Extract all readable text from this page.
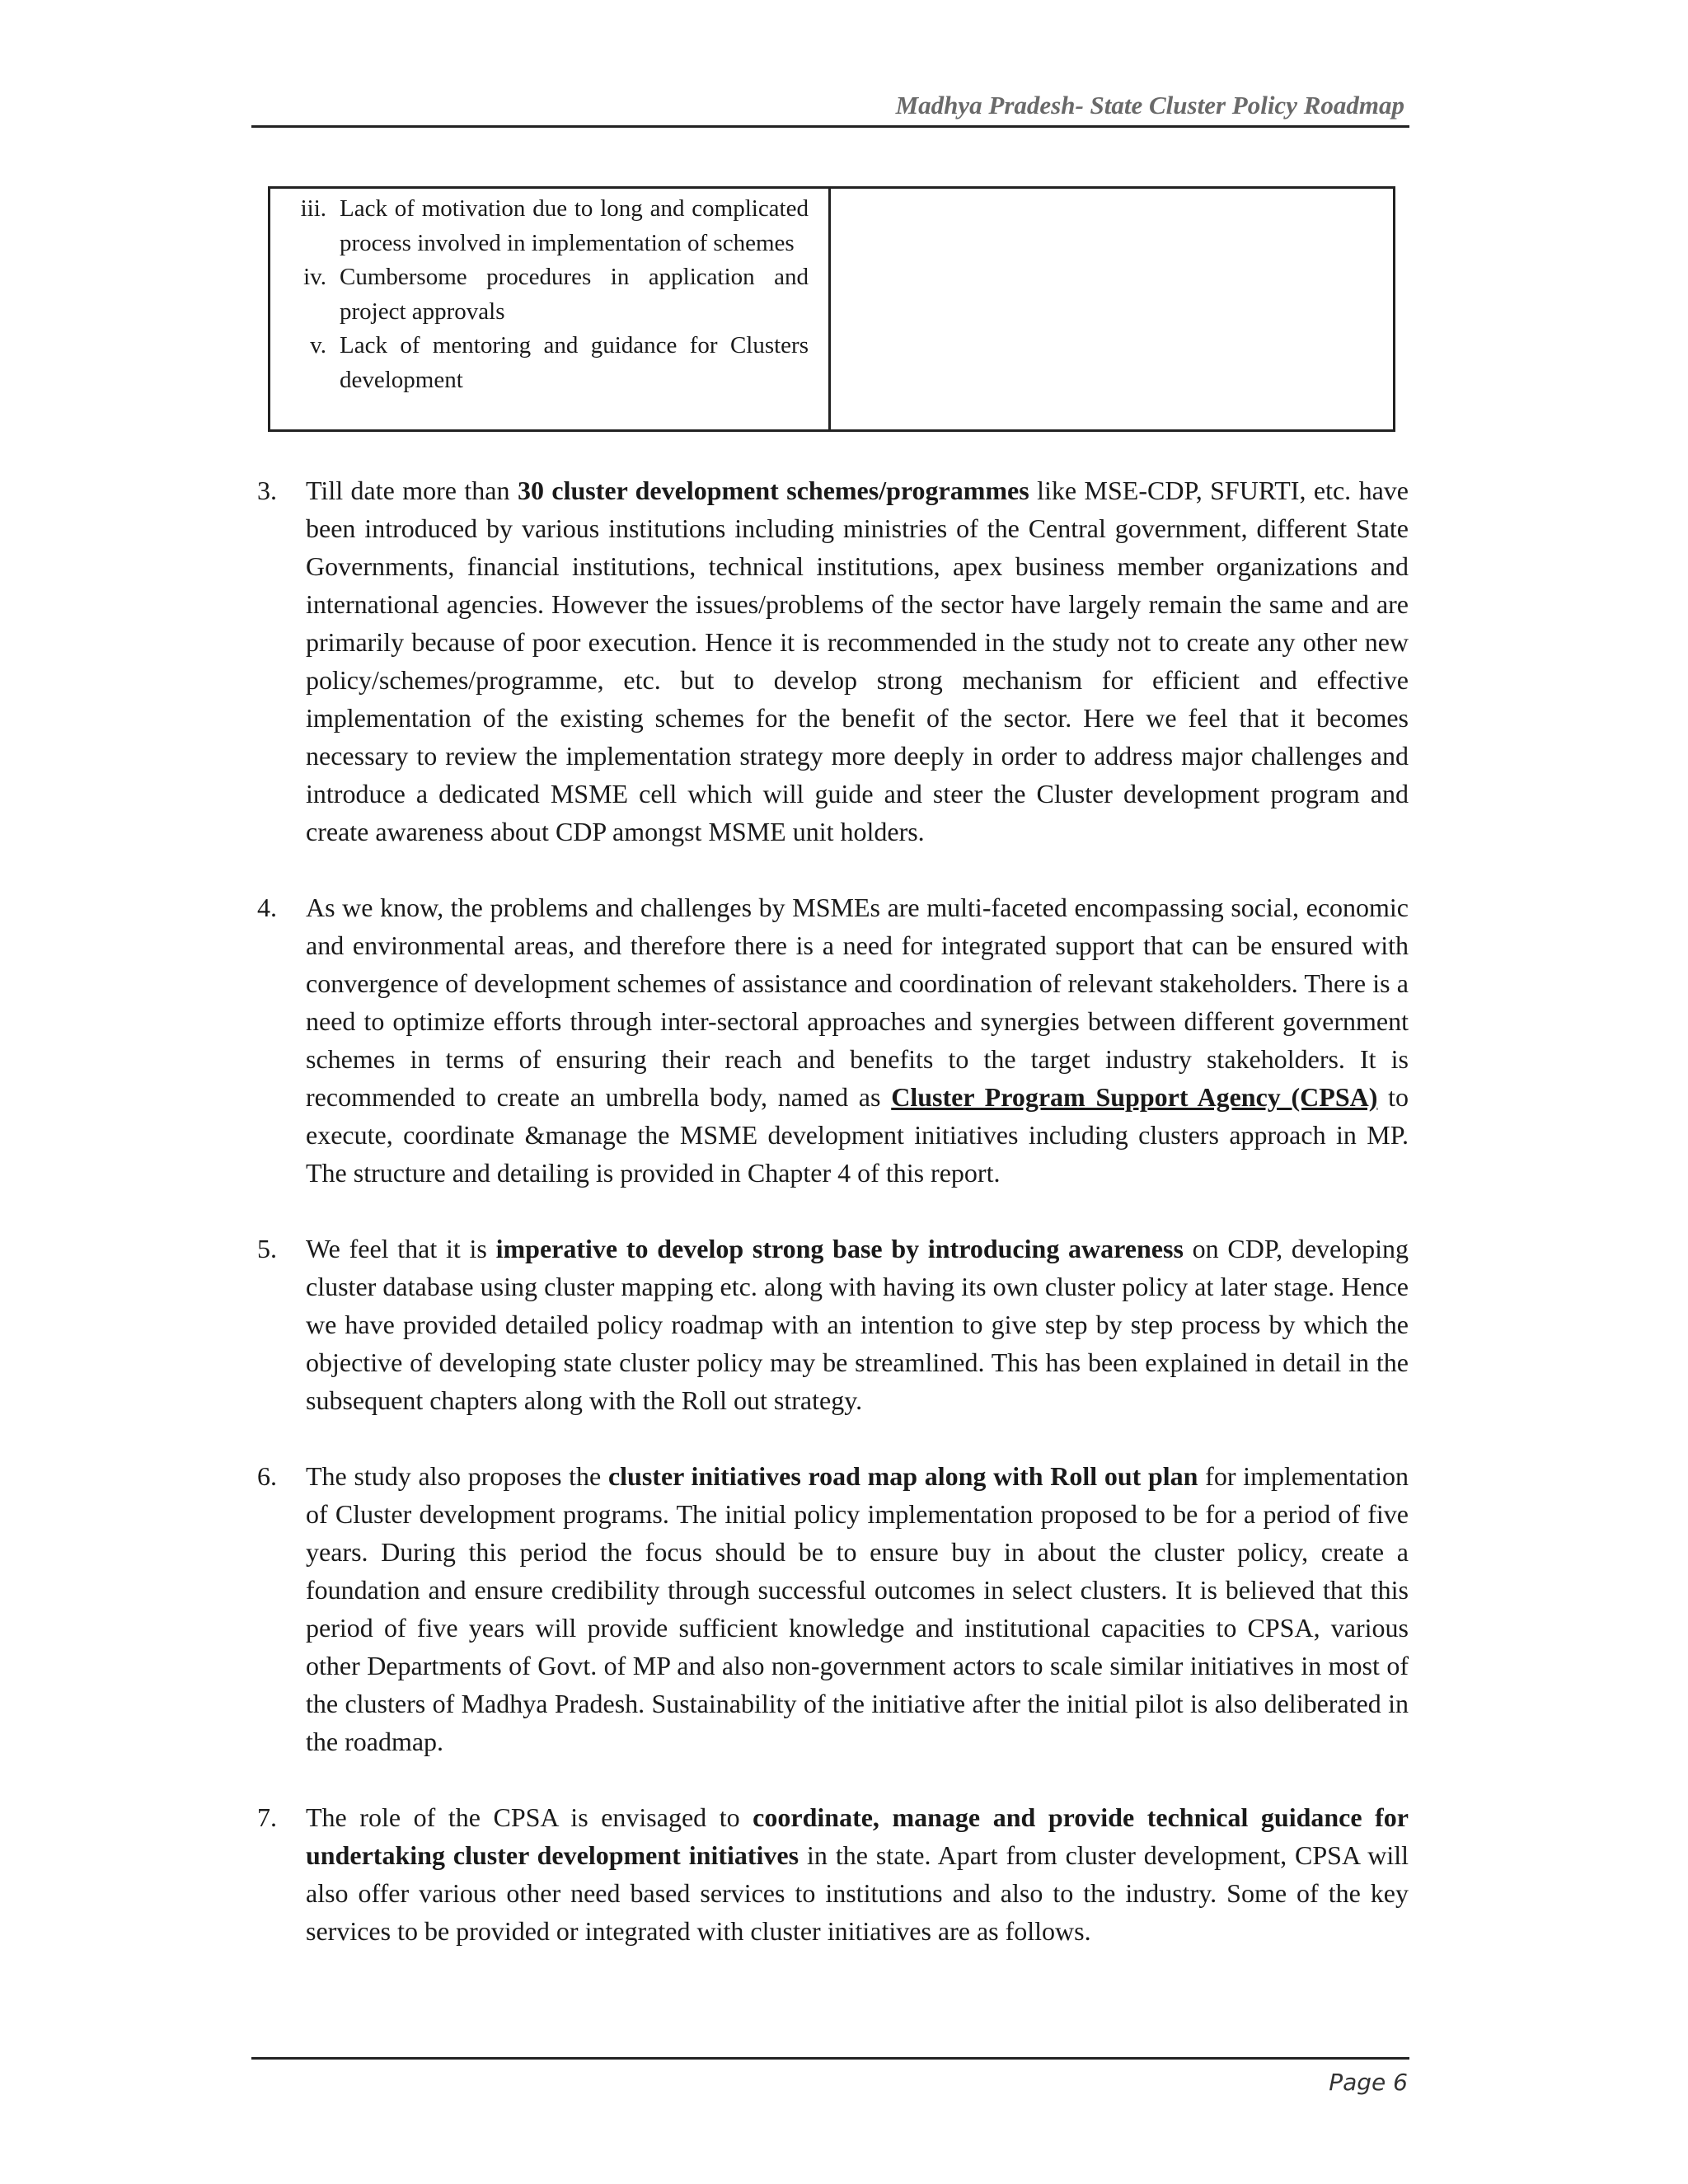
Madhya Pradesh- State Cluster Policy Roadmap
iii. Lack of motivation due to long and complicated process involved in implementation of schemes
iv. Cumbersome procedures in application and project approvals
v. Lack of mentoring and guidance for Clusters development
3. Till date more than 30 cluster development schemes/programmes like MSE-CDP, SFURTI, etc. have been introduced by various institutions including ministries of the Central government, different State Governments, financial institutions, technical institutions, apex business member organizations and international agencies. However the issues/problems of the sector have largely remain the same and are primarily because of poor execution. Hence it is recommended in the study not to create any other new policy/schemes/programme, etc. but to develop strong mechanism for efficient and effective implementation of the existing schemes for the benefit of the sector. Here we feel that it becomes necessary to review the implementation strategy more deeply in order to address major challenges and introduce a dedicated MSME cell which will guide and steer the Cluster development program and create awareness about CDP amongst MSME unit holders.
4. As we know, the problems and challenges by MSMEs are multi-faceted encompassing social, economic and environmental areas, and therefore there is a need for integrated support that can be ensured with convergence of development schemes of assistance and coordination of relevant stakeholders. There is a need to optimize efforts through inter-sectoral approaches and synergies between different government schemes in terms of ensuring their reach and benefits to the target industry stakeholders. It is recommended to create an umbrella body, named as Cluster Program Support Agency (CPSA) to execute, coordinate &manage the MSME development initiatives including clusters approach in MP. The structure and detailing is provided in Chapter 4 of this report.
5. We feel that it is imperative to develop strong base by introducing awareness on CDP, developing cluster database using cluster mapping etc. along with having its own cluster policy at later stage. Hence we have provided detailed policy roadmap with an intention to give step by step process by which the objective of developing state cluster policy may be streamlined. This has been explained in detail in the subsequent chapters along with the Roll out strategy.
6. The study also proposes the cluster initiatives road map along with Roll out plan for implementation of Cluster development programs. The initial policy implementation proposed to be for a period of five years. During this period the focus should be to ensure buy in about the cluster policy, create a foundation and ensure credibility through successful outcomes in select clusters. It is believed that this period of five years will provide sufficient knowledge and institutional capacities to CPSA, various other Departments of Govt. of MP and also non-government actors to scale similar initiatives in most of the clusters of Madhya Pradesh. Sustainability of the initiative after the initial pilot is also deliberated in the roadmap.
7. The role of the CPSA is envisaged to coordinate, manage and provide technical guidance for undertaking cluster development initiatives in the state. Apart from cluster development, CPSA will also offer various other need based services to institutions and also to the industry. Some of the key services to be provided or integrated with cluster initiatives are as follows.
Page 6
